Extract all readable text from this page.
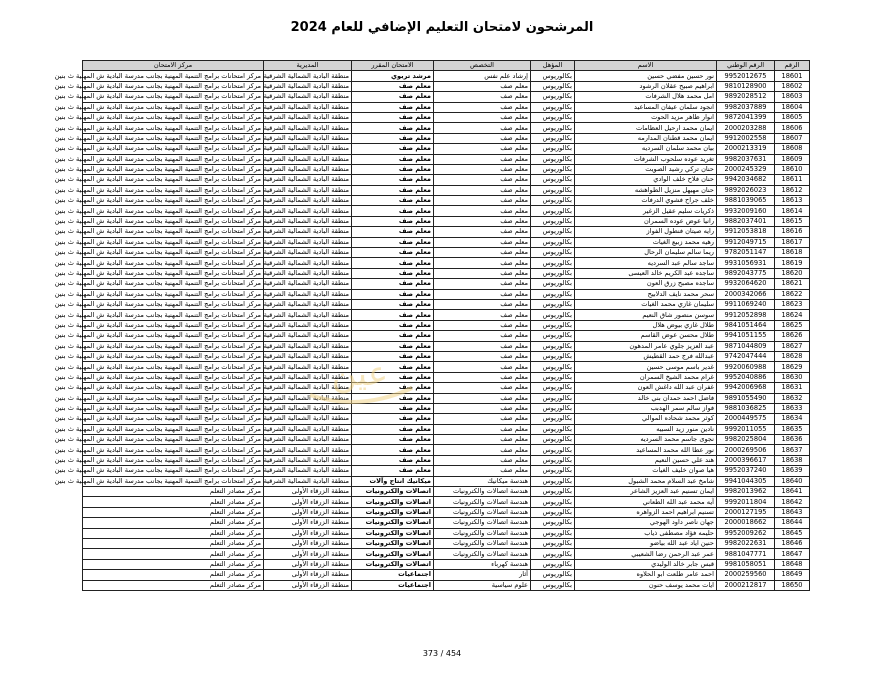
المرشحون لامتحان التعليم الإضافي للعام 2024
الرقم	الرقم الوطني	الاسم	المؤهل	التخصص	الامتحان المقرر	المديرية	مركز الامتحان
18601	9952012675	نور حسين مفضي حسين	بكالوريوس	إرشاد علم نفس	مرشد تربوي	منطقة البادية الشمالية الشرقية	مركز امتحانات برامج التنمية المهنية بجانب مدرسة البادية ش المهنية ث بنين
18602	9810128900	ابراهيم صبيح عقلان الرشود	بكالوريوس	معلم صف	معلم صف	منطقة البادية الشمالية الشرقية	مركز امتحانات برامج التنمية المهنية بجانب مدرسة البادية ش المهنية ث بنين
18603	9892028512	امل محمد هلال الشرفات	بكالوريوس	معلم صف	معلم صف	منطقة البادية الشمالية الشرقية	مركز امتحانات برامج التنمية المهنية بجانب مدرسة البادية ش المهنية ث بنين
18604	9982037889	انجود سلمان عيفان المساعيد	بكالوريوس	معلم صف	معلم صف	منطقة البادية الشمالية الشرقية	مركز امتحانات برامج التنمية المهنية بجانب مدرسة البادية ش المهنية ث بنين
18605	9872041399	انوار ظاهر مزيد الحوت	بكالوريوس	معلم صف	معلم صف	منطقة البادية الشمالية الشرقية	مركز امتحانات برامج التنمية المهنية بجانب مدرسة البادية ش المهنية ث بنين
18606	2000203288	ايمان محمد ارحيل العظامات	بكالوريوس	معلم صف	معلم صف	منطقة البادية الشمالية الشرقية	مركز امتحانات برامج التنمية المهنية بجانب مدرسة البادية ش المهنية ث بنين
18607	9912002558	ايمان محمد قطنان المدارمه	بكالوريوس	معلم صف	معلم صف	منطقة البادية الشمالية الشرقية	مركز امتحانات برامج التنمية المهنية بجانب مدرسة البادية ش المهنية ث بنين
18608	2000213319	بيان محمد سلمان السرديه	بكالوريوس	معلم صف	معلم صف	منطقة البادية الشمالية الشرقية	مركز امتحانات برامج التنمية المهنية بجانب مدرسة البادية ش المهنية ث بنين
18609	9982037631	تغريد عوده سلحوب الشرفات	بكالوريوس	معلم صف	معلم صف	منطقة البادية الشمالية الشرقية	مركز امتحانات برامج التنمية المهنية بجانب مدرسة البادية ش المهنية ث بنين
18610	2000245329	حنان تركي رشيد الصويت	بكالوريوس	معلم صف	معلم صف	منطقة البادية الشمالية الشرقية	مركز امتحانات برامج التنمية المهنية بجانب مدرسة البادية ش المهنية ث بنين
18611	9942034682	حنان فلاح خلف الوادي	بكالوريوس	معلم صف	معلم صف	منطقة البادية الشمالية الشرقية	مركز امتحانات برامج التنمية المهنية بجانب مدرسة البادية ش المهنية ث بنين
18612	9892026023	حنان مهيهل منزيل الطواهشه	بكالوريوس	معلم صف	معلم صف	منطقة البادية الشمالية الشرقية	مركز امتحانات برامج التنمية المهنية بجانب مدرسة البادية ش المهنية ث بنين
18613	9881039065	خلف جراح فشوي الدرفات	بكالوريوس	معلم صف	معلم صف	منطقة البادية الشمالية الشرقية	مركز امتحانات برامج التنمية المهنية بجانب مدرسة البادية ش المهنية ث بنين
18614	9932009160	ذكريات سليم عقيل الزغير	بكالوريوس	معلم صف	معلم صف	منطقة البادية الشمالية الشرقية	مركز امتحانات برامج التنمية المهنية بجانب مدرسة البادية ش المهنية ث بنين
18615	9882037401	رانيا عوض عوده السمران	بكالوريوس	معلم صف	معلم صف	منطقة البادية الشمالية الشرقية	مركز امتحانات برامج التنمية المهنية بجانب مدرسة البادية ش المهنية ث بنين
18616	9912053818	رايه صيتان فنطول الفواز	بكالوريوس	معلم صف	معلم صف	منطقة البادية الشمالية الشرقية	مركز امتحانات برامج التنمية المهنية بجانب مدرسة البادية ش المهنية ث بنين
18617	9912049715	رهيه محمد زبيع الغيات	بكالوريوس	معلم صف	معلم صف	منطقة البادية الشمالية الشرقية	مركز امتحانات برامج التنمية المهنية بجانب مدرسة البادية ش المهنية ث بنين
18618	9782051147	ريما سالم سليمان الرحال	بكالوريوس	معلم صف	معلم صف	منطقة البادية الشمالية الشرقية	مركز امتحانات برامج التنمية المهنية بجانب مدرسة البادية ش المهنية ث بنين
18619	9931056931	ساجد سالم عبد السرديه	بكالوريوس	معلم صف	معلم صف	منطقة البادية الشمالية الشرقية	مركز امتحانات برامج التنمية المهنية بجانب مدرسة البادية ش المهنية ث بنين
18620	9892043775	ساجده عبد الكريم خالد العيسى	بكالوريوس	معلم صف	معلم صف	منطقة البادية الشمالية الشرقية	مركز امتحانات برامج التنمية المهنية بجانب مدرسة البادية ش المهنية ث بنين
18621	9932064620	ساجده مصبح زرق العون	بكالوريوس	معلم صف	معلم صف	منطقة البادية الشمالية الشرقية	مركز امتحانات برامج التنمية المهنية بجانب مدرسة البادية ش المهنية ث بنين
18622	2000342066	سحر محمد نايف الدلابيح	بكالوريوس	معلم صف	معلم صف	منطقة البادية الشمالية الشرقية	مركز امتحانات برامج التنمية المهنية بجانب مدرسة البادية ش المهنية ث بنين
18623	9911069240	سليمان غازي محمد الغيات	بكالوريوس	معلم صف	معلم صف	منطقة البادية الشمالية الشرقية	مركز امتحانات برامج التنمية المهنية بجانب مدرسة البادية ش المهنية ث بنين
18624	9912052898	سوسن منصور شاق النعيم	بكالوريوس	معلم صف	معلم صف	منطقة البادية الشمالية الشرقية	مركز امتحانات برامج التنمية المهنية بجانب مدرسة البادية ش المهنية ث بنين
18625	9841051464	طلال غازي بيوض هلال	بكالوريوس	معلم صف	معلم صف	منطقة البادية الشمالية الشرقية	مركز امتحانات برامج التنمية المهنية بجانب مدرسة البادية ش المهنية ث بنين
18626	9941051155	طلال محسن عوض القاسم	بكالوريوس	معلم صف	معلم صف	منطقة البادية الشمالية الشرقية	مركز امتحانات برامج التنمية المهنية بجانب مدرسة البادية ش المهنية ث بنين
18627	9871044809	عبد العزيز جلوي عامر المدهون	بكالوريوس	معلم صف	معلم صف	منطقة البادية الشمالية الشرقية	مركز امتحانات برامج التنمية المهنية بجانب مدرسة البادية ش المهنية ث بنين
18628	9742047444	عبدالله فرج حمد القطيش	بكالوريوس	معلم صف	معلم صف	منطقة البادية الشمالية الشرقية	مركز امتحانات برامج التنمية المهنية بجانب مدرسة البادية ش المهنية ث بنين
18629	9920060988	غدير باسم موسى حسين	بكالوريوس	معلم صف	معلم صف	منطقة البادية الشمالية الشرقية	مركز امتحانات برامج التنمية المهنية بجانب مدرسة البادية ش المهنية ث بنين
18630	9952040886	غرام محمد الشيخ السمران	بكالوريوس	معلم صف	معلم صف	منطقة البادية الشمالية الشرقية	مركز امتحانات برامج التنمية المهنية بجانب مدرسة البادية ش المهنية ث بنين
18631	9942006968	غفران عبد الله داغش العون	بكالوريوس	معلم صف	معلم صف	منطقة البادية الشمالية الشرقية	مركز امتحانات برامج التنمية المهنية بجانب مدرسة البادية ش المهنية ث بنين
18632	9891055490	فاضل احمد حمدان بني خالد	بكالوريوس	معلم صف	معلم صف	منطقة البادية الشمالية الشرقية	مركز امتحانات برامج التنمية المهنية بجانب مدرسة البادية ش المهنية ث بنين
18633	9881036825	فواز سالم سمر الهدبب	بكالوريوس	معلم صف	معلم صف	منطقة البادية الشمالية الشرقية	مركز امتحانات برامج التنمية المهنية بجانب مدرسة البادية ش المهنية ث بنين
18634	2000449575	كوثر محمد شحاده الموالي	بكالوريوس	معلم صف	معلم صف	منطقة البادية الشمالية الشرقية	مركز امتحانات برامج التنمية المهنية بجانب مدرسة البادية ش المهنية ث بنين
18635	9992011055	نادين منور زيد السبيه	بكالوريوس	معلم صف	معلم صف	منطقة البادية الشمالية الشرقية	مركز امتحانات برامج التنمية المهنية بجانب مدرسة البادية ش المهنية ث بنين
18636	9982025804	نجوى جاسم محمد السرديه	بكالوريوس	معلم صف	معلم صف	منطقة البادية الشمالية الشرقية	مركز امتحانات برامج التنمية المهنية بجانب مدرسة البادية ش المهنية ث بنين
18637	2000269506	نور عطا الله محمد المساعيد	بكالوريوس	معلم صف	معلم صف	منطقة البادية الشمالية الشرقية	مركز امتحانات برامج التنمية المهنية بجانب مدرسة البادية ش المهنية ث بنين
18638	2000396617	هند علي حسين النعيم	بكالوريوس	معلم صف	معلم صف	منطقة البادية الشمالية الشرقية	مركز امتحانات برامج التنمية المهنية بجانب مدرسة البادية ش المهنية ث بنين
18639	9952037240	هيا صوان خليف الغيات	بكالوريوس	معلم صف	معلم صف	منطقة البادية الشمالية الشرقية	مركز امتحانات برامج التنمية المهنية بجانب مدرسة البادية ش المهنية ث بنين
18640	9941044305	شامخ عبد السلام محمد الشبول	بكالوريوس	هندسة ميكانيك	ميكانيك انتاج وآلات	منطقة البادية الشمالية الشرقية	مركز امتحانات برامج التنمية المهنية بجانب مدرسة البادية ش المهنية ث بنين
18641	9982013962	ايمان تسنيم عبد العزيز الشاعر	بكالوريوس	هندسة اتصالات والكترونيات	اتصالات والكترونيات	منطقة الزرقاء الأولى	مركز مصادر التعلم
18642	9992011804	آيه محمد عبد الله الطعاني	بكالوريوس	هندسة اتصالات والكترونيات	اتصالات والكترونيات	منطقة الزرقاء الأولى	مركز مصادر التعلم
18643	2000127195	تسنيم ابراهيم احمد الزواهره	بكالوريوس	هندسة اتصالات والكترونيات	اتصالات والكترونيات	منطقة الزرقاء الأولى	مركز مصادر التعلم
18644	2000018662	جهان ناصر داود الهوجي	بكالوريوس	هندسة اتصالات والكترونيات	اتصالات والكترونيات	منطقة الزرقاء الأولى	مركز مصادر التعلم
18645	9952009262	حليمه فؤاد مصطفى ذياب	بكالوريوس	هندسة اتصالات والكترونيات	اتصالات والكترونيات	منطقة الزرقاء الأولى	مركز مصادر التعلم
18646	9982022631	حنين اياد عبد الله بياضو	بكالوريوس	هندسة اتصالات والكترونيات	اتصالات والكترونيات	منطقة الزرقاء الأولى	مركز مصادر التعلم
18647	9881047771	عمر عبد الرحمن رضا الشعيبي	بكالوريوس	هندسة اتصالات والكترونيات	اتصالات والكترونيات	منطقة الزرقاء الأولى	مركز مصادر التعلم
18648	9981058051	قبس جابر خالد الوليدي	بكالوريوس	هندسة كهرباء	اتصالات والكترونيات	منطقة الزرقاء الأولى	مركز مصادر التعلم
18649	2000259560	احمد عامر طلعت ابو الحلاوه	بكالوريوس	آثار	اجتماعيات	منطقة الزرقاء الأولى	مركز مصادر التعلم
18650	2000212817	ايات محمد يوسف حنون	بكالوريوس	علوم سياسية	اجتماعيات	منطقة الزرقاء الأولى	مركز مصادر التعلم
عين
373 / 454
